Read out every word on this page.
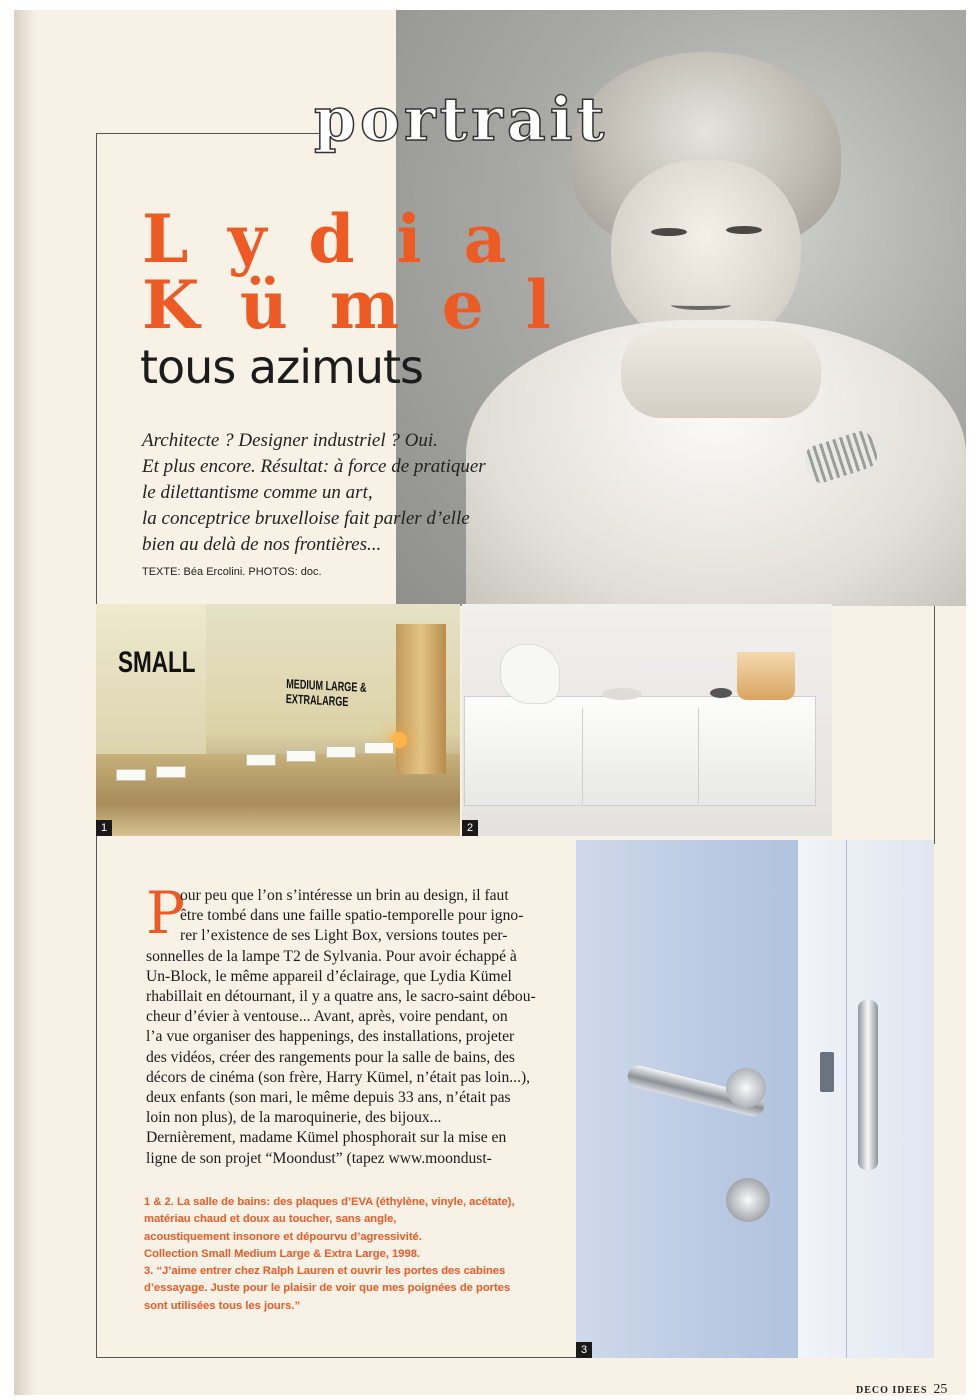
portrait
Lydia
Kümel
tous azimuts

Architecte ? Designer industriel ? Oui.

Et plus encore. Résultat: à force de pratiquer

le dilettantisme comme un art,

la conceptrice bruxelloise fait parler d’elle

bien au delà de nos frontières...

TEXTE: Béa Ercolini. PHOTOS: doc.
SMALL
MEDIUM LARGE & EXTRALARGE
1	2
3
P

our peu que l’on s’intéresse un brin au design, il faut

être tombé dans une faille spatio-temporelle pour igno-

rer l’existence de ses Light Box, versions toutes per-

sonnelles de la lampe T2 de Sylvania. Pour avoir échappé à

Un-Block, le même appareil d’éclairage, que Lydia Kümel

rhabillait en détournant, il y a quatre ans, le sacro-saint débou-

cheur d’évier à ventouse... Avant, après, voire pendant, on

l’a vue organiser des happenings, des installations, projeter

des vidéos, créer des rangements pour la salle de bains, des

décors de cinéma (son frère, Harry Kümel, n’était pas loin...),

deux enfants (son mari, le même depuis 33 ans, n’était pas

loin non plus), de la maroquinerie, des bijoux...

Dernièrement, madame Kümel phosphorait sur la mise en

ligne de son projet “Moondust” (tapez www.moondust-

1 & 2. La salle de bains: des plaques d’EVA (éthylène, vinyle, acétate),

matériau chaud et doux au toucher, sans angle,

acoustiquement insonore et dépourvu d’agressivité.

Collection Small Medium Large & Extra Large, 1998.

3. “J’aime entrer chez Ralph Lauren et ouvrir les portes des cabines

d’essayage. Juste pour le plaisir de voir que mes poignées de portes

sont utilisées tous les jours.”

DECO IDEES 25
